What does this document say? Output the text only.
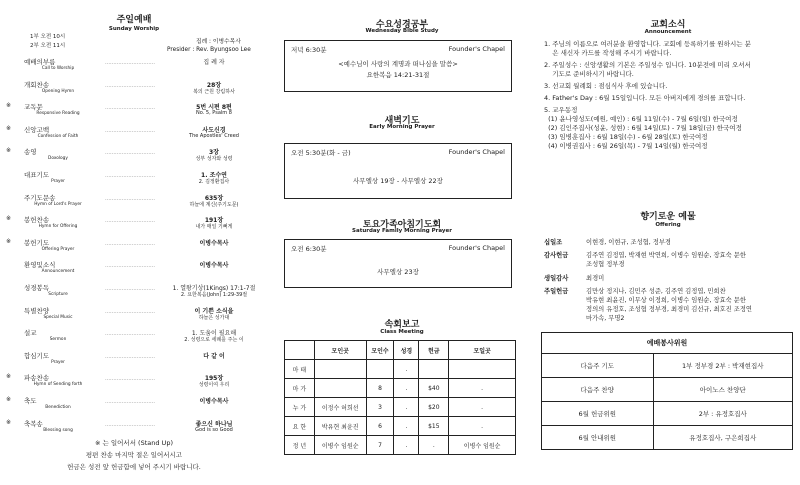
주일예배
Sunday Worship
1부 오전 10시
2부 오전 11시
집례 : 이병수목사
Presider : Rev. Byungsoo Lee
예배의부름
Call to Worship
…………………………	집 례 자
개회찬송
Opening Hymn
…………………………	28장
복의 근원 강림하사
※ 교독문
Responsive Reading
…………………………	5번 시편 8편
No. 5, Psalm 8
※ 신앙고백
Confession of Faith
…………………………	사도신경
The Apostles' Creed
※ 송영
Doxology
…………………………	3장
성부 성자와 성령
대표기도
Prayer
…………………………	1. 조수연
2. 김정환집사
주기도문송
Hymn of Lord's Prayer
…………………………	635장
하늘에 계신(주기도문)
※ 봉헌찬송
Hymn for Offering
…………………………	191장
내가 매일 기뻐게
※ 봉헌기도
Offering Prayer
…………………………	이병수목사
환영및소식
Announcement
…………………………	이병수목사
성경봉독
Scripture
…………………………	1. 열왕기상(1Kings) 17:1-7절
2. 요한복음(John) 1:29-39절
특별찬양
Special Music
…………………………	이 기쁜 소식을
하늘은 성가대
설교
Sermon
…………………………	1. 도움이 필요해
2. 성령으로 세례를 주는 이
합심기도
Prayer
…………………………	다 같 이
※ 파송찬송
Hymn of Sending forth
…………………………	195장
성령이여 우리
※ 축도
Benediction
…………………………	이병수목사
※ 축복송
Blessing song
…………………………	좋으신 하나님
God is so Good
※ 는 일어서서 (Stand Up)
평편 찬송 마지막 절은 일어서시고
헌금은 성전 앞 헌금함에 넣어 주시기 바랍니다.
수요성경공부
Wednesday Bible Study
저녁 6:30분	Founder's Chapel
<예수님이 사랑의 계명과 떠나심을 말씀>
요한복음 14:21-31절
새벽기도
Early Morning Prayer
오전 5:30분(화 - 금)	Founder's Chapel
사무엘상 19장 - 사무엘상 22장
토요가족아침기도회
Saturday Family Morning Prayer
오전 6:30분	Founder's Chapel
사무엘상 23장
속회보고
Class Meeting
	모인곳	모인수	성경	헌금	모일곳
마 태			.		
마 가		8	.	$40	.
누 가	이정수 허희선	3	.	$20	.
요 한	박유현 최윤진	6	.	$15	.
정 년	이병수 임원순	7	.	.	이병수 임원순
교회소식
Announcement
1. 주님의 이름으로 여러분을 환영합니다. 교회에 등록하기를 원하시는 분
은 새신자 카드를 작성해 주시기 바랍니다.
2. 주일성수 : 신앙생활의 기본은 주일성수 입니다. 10분전에 미리 오셔서
기도로 준비하시기 바랍니다.
3. 선교회 월례회 : 점심식사 후에 있습니다.
4. Father's Day : 6월 15일입니다. 모든 아버지에게 경의를 표합니다.
5. 교우동정
(1) 윤나영성도(예원, 예인) : 6월 11일(수) - 7월 6일(일) 한국여정
(2) 김인주집사(성윤, 성현) : 6월 14일(토) - 7월 18일(금) 한국여정
(3) 임병훈집사 : 6월 18일(수) - 6월 28일(토) 한국여정
(4) 이병권집사 : 6월 26일(목) - 7월 14일(월) 한국여정
향기로운 예물
Offering
십일조	이현경, 이현규, 조성협, 정부경
감사헌금	김주연 김정엽, 박재현 박연희, 이병수 임원순, 장효숙 문한
조성협 정부경
생일감사	최경미
주일헌금	김만상 정지나, 김민주 성준, 김주연 김정엽, 민희찬
박유현 최윤진, 이무상 이정희, 이병수 임원순, 장효숙 문한
정의의 유정호, 조성협 정부경, 최경미 김선규, 최호진 조정연
마가속, 무명2
예배봉사위원	
다음주 기도	1부 정부경 2부 : 박재현집사
다음주 찬양	아이노스 찬양단
6월 헌금위원	2부 : 유정호집사
6월 안내위원	유정호집사, 구은희집사
